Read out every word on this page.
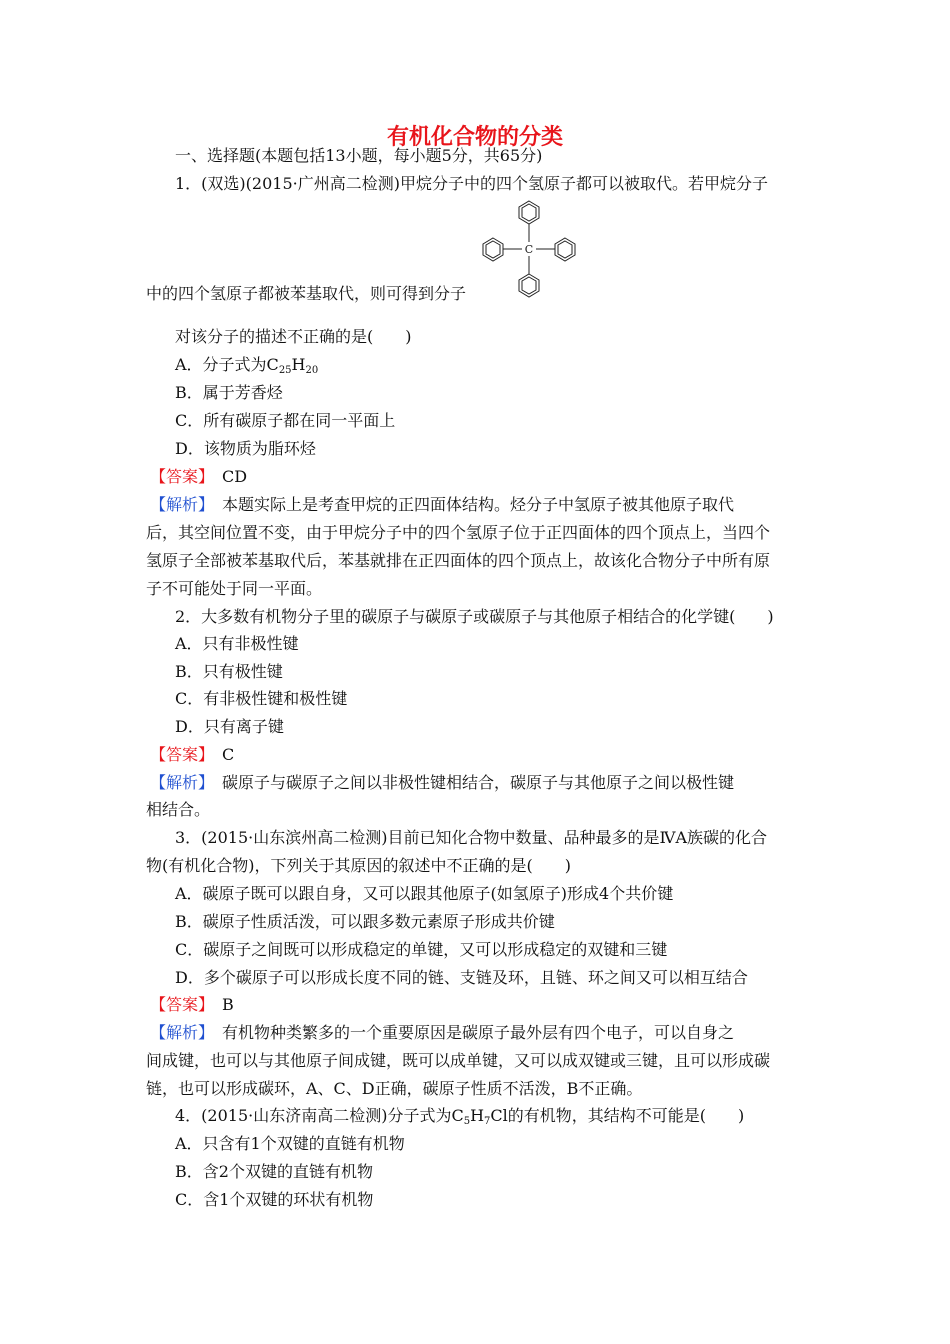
有机化合物的分类
一、选择题(本题包括13小题，每小题5分，共65分)
1．(双选)(2015·广州高二检测)甲烷分子中的四个氢原子都可以被取代。若甲烷分子
C
中的四个氢原子都被苯基取代，则可得到分子
对该分子的描述不正确的是(　　)
A．分子式为$C_{25}H_{20}$
B．属于芳香烃
C．所有碳原子都在同一平面上
D．该物质为脂环烃
【答案】　 CD
【解析】　 本题实际上是考查甲烷的正四面体结构。烃分子中氢原子被其他原子取代
后，其空间位置不变，由于甲烷分子中的四个氢原子位于正四面体的四个顶点上，当四个
氢原子全部被苯基取代后，苯基就排在正四面体的四个顶点上，故该化合物分子中所有原
子不可能处于同一平面。
2．大多数有机物分子里的碳原子与碳原子或碳原子与其他原子相结合的化学键(　　)
A．只有非极性键
B．只有极性键
C．有非极性键和极性键
D．只有离子键
【答案】　 C
【解析】　 碳原子与碳原子之间以非极性键相结合，碳原子与其他原子之间以极性键
相结合。
3．(2015·山东滨州高二检测)目前已知化合物中数量、品种最多的是ⅣA族碳的化合
物(有机化合物)，下列关于其原因的叙述中不正确的是(　　)
A．碳原子既可以跟自身，又可以跟其他原子(如氢原子)形成4个共价键
B．碳原子性质活泼，可以跟多数元素原子形成共价键
C．碳原子之间既可以形成稳定的单键，又可以形成稳定的双键和三键
D．多个碳原子可以形成长度不同的链、支链及环，且链、环之间又可以相互结合
【答案】　 B
【解析】　 有机物种类繁多的一个重要原因是碳原子最外层有四个电子，可以自身之
间成键，也可以与其他原子间成键，既可以成单键，又可以成双键或三键，且可以形成碳
链，也可以形成碳环，A、C、D正确，碳原子性质不活泼，B不正确。
4．(2015·山东济南高二检测)分子式为$C_5H_7Cl$的有机物，其结构不可能是(　　)
A．只含有1个双键的直链有机物
B．含2个双键的直链有机物
C．含1个双键的环状有机物
